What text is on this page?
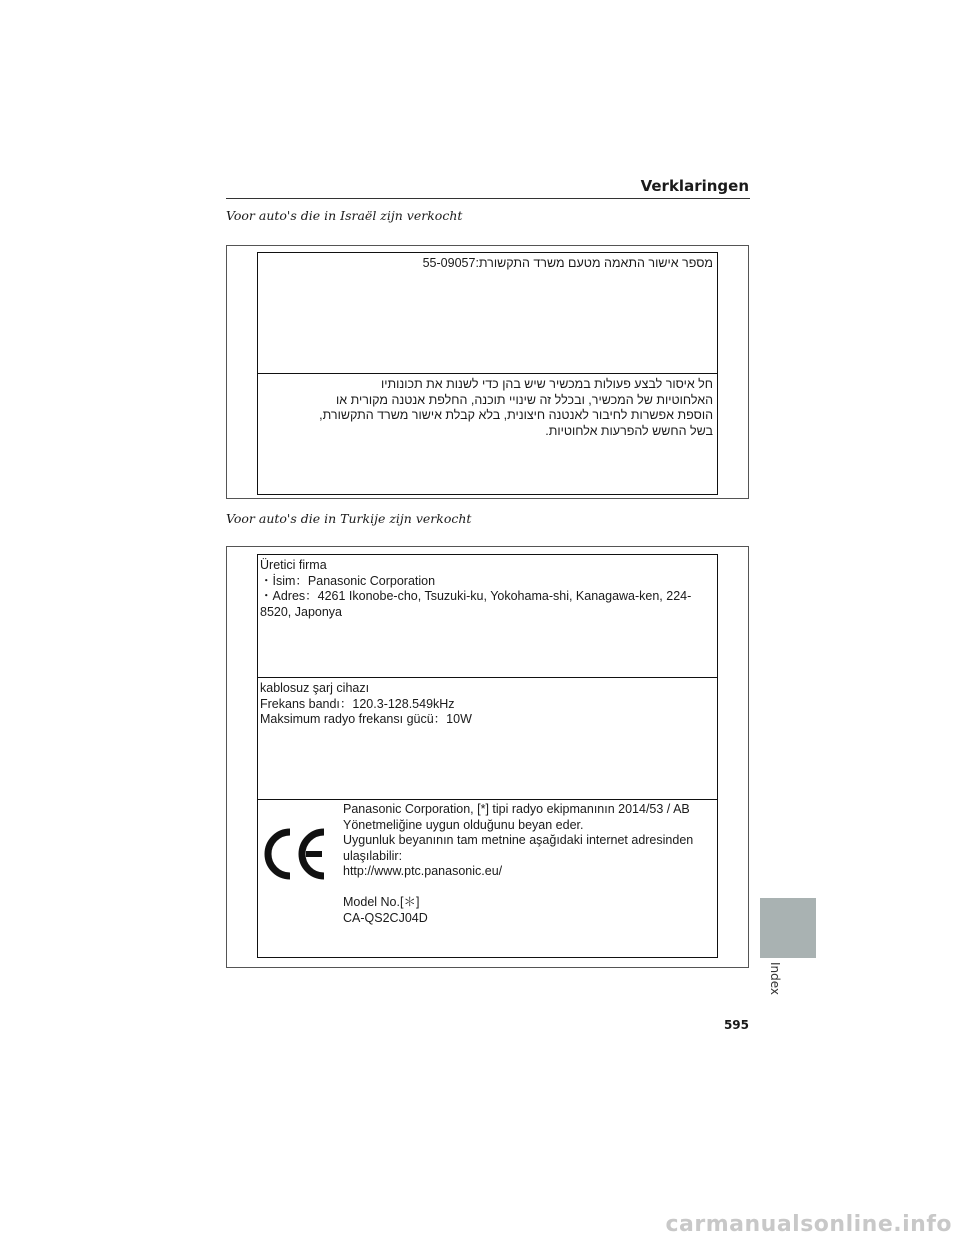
Verklaringen
Voor auto's die in Israël zijn verkocht
מספר אישור התאמה מטעם משרד התקשורת:55-09057
חל איסור לבצע פעולות במכשיר שיש בהן כדי לשנות את תכונותיו
האלחוטיות של המכשיר, ובכלל זה שינויי תוכנה, החלפת אנטנה מקורית או
הוספת אפשרות לחיבור לאנטנה חיצונית, בלא קבלת אישור משרד התקשורת,
בשל החשש להפרעות אלחוטיות.
Voor auto's die in Turkije zijn verkocht
Üretici firma
・İsim：Panasonic Corporation
・Adres：4261 Ikonobe-cho, Tsuzuki-ku, Yokohama-shi, Kanagawa-ken, 224-
8520, Japonya
kablosuz şarj cihazı
Frekans bandı：120.3-128.549kHz
Maksimum radyo frekansı gücü：10W
Panasonic Corporation, [*] tipi radyo ekipmanının 2014/53 / AB
Yönetmeliğine uygun olduğunu beyan eder.
Uygunluk beyanının tam metnine aşağıdaki internet adresinden
ulaşılabilir:
http://www.ptc.panasonic.eu/
Model No.[＊]
CA-QS2CJ04D
Index
595
carmanualsonline.info
